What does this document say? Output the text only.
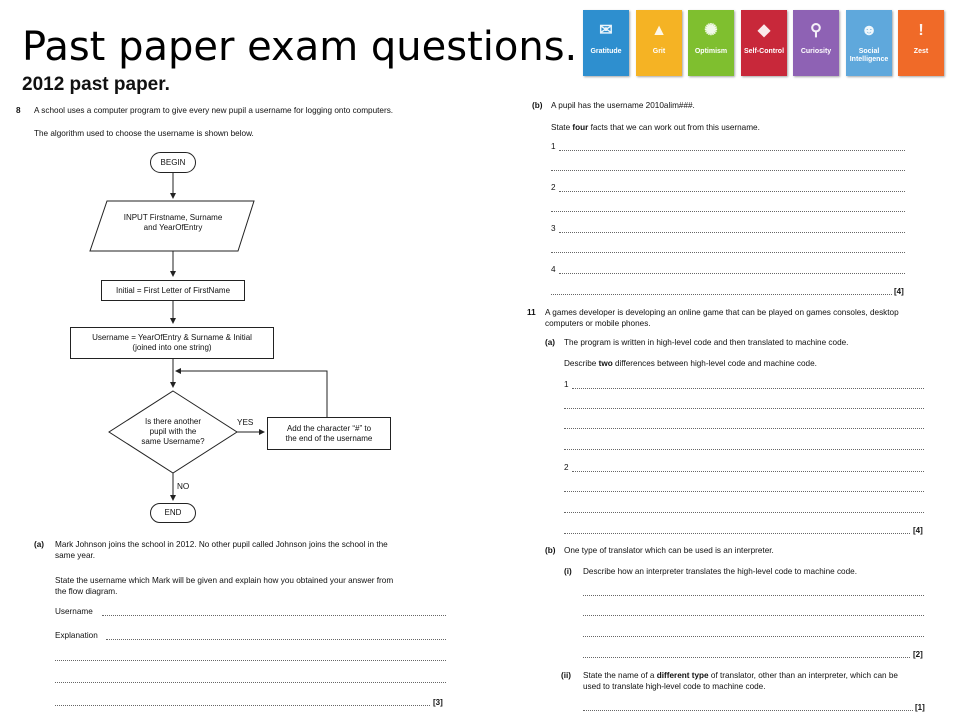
Past paper exam questions.
2012 past paper.
✉
Gratitude
▲
Grit
✺
Optimism
◆
Self-Control
⚲
Curiosity
☻
Social Intelligence
!
Zest
8 A school uses a computer program to give every new pupil a username for logging onto computers.
The algorithm used to choose the username is shown below.
BEGIN
INPUT Firstname, Surname
and YearOfEntry
Initial = First Letter of FirstName
Username = YearOfEntry & Surname & Initial
(joined into one string)
Is there another
pupil with the
same Username?
YES
Add the character “#” to
the end of the username
NO
END
(a) Mark Johnson joins the school in 2012. No other pupil called Johnson joins the school in the
same year.
State the username which Mark will be given and explain how you obtained your answer from
the flow diagram.
Username
Explanation
[3]
(b) A pupil has the username 2010alim###.
State four facts that we can work out from this username.
1
2
3
4
[4]
11 A games developer is developing an online game that can be played on games consoles, desktop
computers or mobile phones.
(a) The program is written in high-level code and then translated to machine code.
Describe two differences between high-level code and machine code.
1
2
[4]
(b) One type of translator which can be used is an interpreter.
(i) Describe how an interpreter translates the high-level code to machine code.
[2]
(ii) State the name of a different type of translator, other than an interpreter, which can be
used to translate high-level code to machine code.
[1]
